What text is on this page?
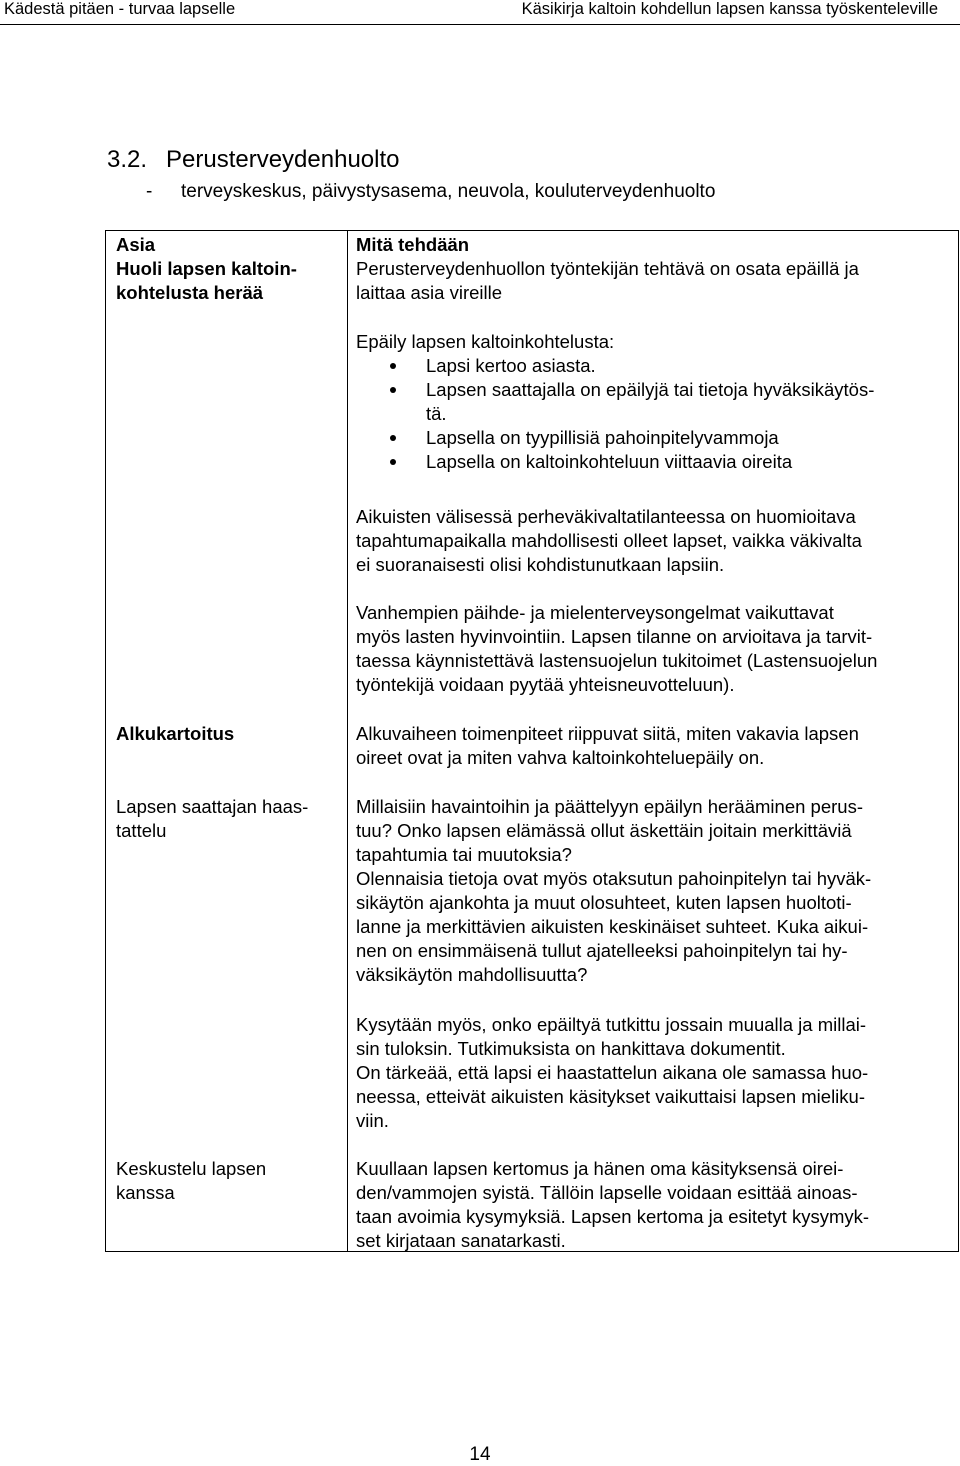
Kädestä pitäen - turvaa lapselle	Käsikirja kaltoin kohdellun lapsen kanssa työskenteleville
3.2. Perusterveydenhuolto
- terveyskeskus, päivystysasema, neuvola, kouluterveydenhuolto
Asia
Huoli lapsen kaltoin-
kohtelusta herää
Mitä tehdään
Perusterveydenhuollon työntekijän tehtävä on osata epäillä ja
laittaa asia vireille
Epäily lapsen kaltoinkohtelusta:
Lapsi kertoo asiasta.
Lapsen saattajalla on epäilyjä tai tietoja hyväksikäytös-
tä.
Lapsella on tyypillisiä pahoinpitelyvammoja
Lapsella on kaltoinkohteluun viittaavia oireita
Aikuisten välisessä perheväkivaltatilanteessa on huomioitava
tapahtumapaikalla mahdollisesti olleet lapset, vaikka väkivalta
ei suoranaisesti olisi kohdistunutkaan lapsiin.
Vanhempien päihde- ja mielenterveysongelmat vaikuttavat
myös lasten hyvinvointiin. Lapsen tilanne on arvioitava ja tarvit-
taessa käynnistettävä lastensuojelun tukitoimet (Lastensuojelun
työntekijä voidaan pyytää yhteisneuvotteluun).
Alkukartoitus	Alkuvaiheen toimenpiteet riippuvat siitä, miten vakavia lapsen
oireet ovat ja miten vahva kaltoinkohteluepäily on.
Lapsen saattajan haas-
tattelu
Millaisiin havaintoihin ja päättelyyn epäilyn herääminen perus-
tuu? Onko lapsen elämässä ollut äskettäin joitain merkittäviä
tapahtumia tai muutoksia?
Olennaisia tietoja ovat myös otaksutun pahoinpitelyn tai hyväk-
sikäytön ajankohta ja muut olosuhteet, kuten lapsen huoltoti-
lanne ja merkittävien aikuisten keskinäiset suhteet. Kuka aikui-
nen on ensimmäisenä tullut ajatelleeksi pahoinpitelyn tai hy-
väksikäytön mahdollisuutta?
Kysytään myös, onko epäiltyä tutkittu jossain muualla ja millai-
sin tuloksin. Tutkimuksista on hankittava dokumentit.
On tärkeää, että lapsi ei haastattelun aikana ole samassa huo-
neessa, etteivät aikuisten käsitykset vaikuttaisi lapsen mieliku-
viin.
Keskustelu lapsen
kanssa
Kuullaan lapsen kertomus ja hänen oma käsityksensä oirei-
den/vammojen syistä. Tällöin lapselle voidaan esittää ainoas-
taan avoimia kysymyksiä. Lapsen kertoma ja esitetyt kysymyk-
set kirjataan sanatarkasti.
14
